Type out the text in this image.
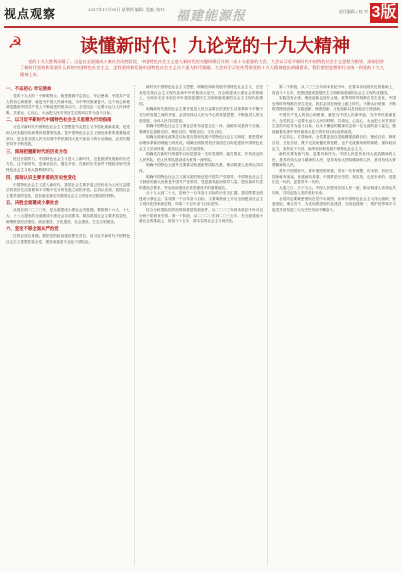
视点观察	2017年11月30日 星期四 编辑: 美编: 校对: 福建能源报	责任编辑 / 校 对 3版
☭	读懂新时代！九论党的十九大精神
党的十九大胜利闭幕了。这是在全面建成小康社会决胜阶段、中国特色社会主义进入新时代的关键时期召开的一次十分重要的大会。大会以习近平新时代中国特色社会主义思想为指导，深刻回答了新时代坚持和发展什么样的中国特色社会主义、怎样坚持和发展中国特色社会主义这个重大时代课题。大会对学习宣传贯彻党的十九大精神提出明确要求，我们要把思想和行动统一到党的十九大精神上来。
一、不忘初心 牢记使命

党的十九大的一个鲜明特点，就是强调不忘初心、牢记使命。中国共产党人的初心和使命，就是为中国人民谋幸福，为中华民族谋复兴。这个初心和使命是激励中国共产党人不断前进的根本动力。全党同志一定要永远与人民同呼吸、共命运、心连心，永远把人民对美好生活的向往作为奋斗目标。

二、以习近平新时代中国特色社会主义思想为行动指南

习近平新时代中国特色社会主义思想是马克思主义中国化最新成果，是党和人民实践经验和集体智慧的结晶，是中国特色社会主义理论体系的重要组成部分，是全党全国人民为实现中华民族伟大复兴而奋斗的行动指南，必须长期坚持并不断发展。

三、深刻把握新时代的历史方位

经过长期努力，中国特色社会主义进入了新时代，这是我国发展新的历史方位。这个新时代，是承前启后、继往开来、在新的历史条件下继续夺取中国特色社会主义伟大胜利的时代。

四、深刻认识主要矛盾的历史性变化

中国特色社会主义进入新时代，我国社会主要矛盾已经转化为人民日益增长的美好生活需要和不平衡不充分的发展之间的矛盾。必须认识到，我国社会主要矛盾的变化，没有改变我们对我国社会主义所处历史阶段的判断。

五、决胜全面建成小康社会

从现在到二〇二〇年，是全面建成小康社会决胜期。要按照十六大、十七大、十八大提出的全面建成小康社会各项要求，紧扣我国社会主要矛盾变化，统筹推进经济建设、政治建设、文化建设、社会建设、生态文明建设。

六、坚定不移全面从严治党

打铁必须自身硬。要把党的政治建设摆在首位，用习近平新时代中国特色社会主义思想武装全党，建设高素质专业化干部队伍。

新时代中国特色社会主义思想，明确坚持和发展中国特色社会主义，总任务是实现社会主义现代化和中华民族伟大复兴，在全面建成小康社会的基础上，分两步走在本世纪中叶建成富强民主文明和谐美丽的社会主义现代化强国。

明确新时代我国社会主要矛盾是人民日益增长的美好生活需要和不平衡不充分的发展之间的矛盾，必须坚持以人民为中心的发展思想，不断促进人的全面发展、全体人民共同富裕。

明确中国特色社会主义事业总体布局是五位一体、战略布局是四个全面，强调坚定道路自信、理论自信、制度自信、文化自信。

明确全面深化改革总目标是完善和发展中国特色社会主义制度、推进国家治理体系和治理能力现代化。明确全面推进依法治国总目标是建设中国特色社会主义法治体系、建设社会主义法治国家。

明确党在新时代的强军目标是建设一支听党指挥、能打胜仗、作风优良的人民军队，把人民军队建设成为世界一流军队。

明确中国特色大国外交要推动构建新型国际关系，推动构建人类命运共同体。

明确中国特色社会主义最本质的特征是中国共产党领导，中国特色社会主义制度的最大优势是中国共产党领导，党是最高政治领导力量，提出新时代党的建设总要求，突出政治建设在党的建设中的重要地位。

从十九大到二十大，是两个一百年奋斗目标的历史交汇期。我们既要全面建成小康社会、实现第一个百年奋斗目标，又要乘势而上开启全面建设社会主义现代化国家新征程，向第二个百年奋斗目标进军。

综合分析国际国内形势和我国发展条件，从二〇二〇年到本世纪中叶可以分两个阶段来安排。第一个阶段，从二〇二〇年到二〇三五年，在全面建成小康社会的基础上，再奋斗十五年，基本实现社会主义现代化。

第二个阶段，从二〇三五年到本世纪中叶，在基本实现现代化的基础上，再奋斗十五年，把我国建成富强民主文明和谐美丽的社会主义现代化强国。

实践没有止境，理论创新也没有止境。世界每时每刻都在发生变化，中国也每时每刻都在发生变化，我们必须在理论上跟上时代，不断认识规律，不断推进理论创新、实践创新、制度创新、文化创新以及其他各方面创新。

中国共产党人的初心和使命，就是为中国人民谋幸福，为中华民族谋复兴。全党同志一定要永远与人民同呼吸、共命运、心连心，永远把人民对美好生活的向往作为奋斗目标，以永不懈怠的精神状态和一往无前的奋斗姿态，继续朝着实现中华民族伟大复兴的宏伟目标奋勇前进。

不忘初心，方得始终。全党要更加自觉地增强道路自信、理论自信、制度自信、文化自信，既不走封闭僵化的老路，也不走改旗易帜的邪路，保持政治定力，坚持实干兴邦，始终坚持和发展中国特色社会主义。

新时代要有新气象，更要有新作为。中国人民是具有伟大创造精神的人民，是具有伟大奋斗精神的人民，是具有伟大团结精神的人民，是具有伟大梦想精神的人民。

青年兴则国家兴，青年强则国家强。青年一代有理想、有本领、有担当，国家就有前途，民族就有希望。中国梦是历史的、现实的，也是未来的；是我们这一代的，更是青年一代的。

大道之行，天下为公。中国人民愿同各国人民一道，推动构建人类命运共同体，共同创造人类的美好未来。

全党同志要紧密团结在党中央周围，高举中国特色社会主义伟大旗帜，锐意进取，埋头苦干，为实现推进现代化建设、完成祖国统一、维护世界和平与促进共同发展三大历史任务而不懈奋斗。
